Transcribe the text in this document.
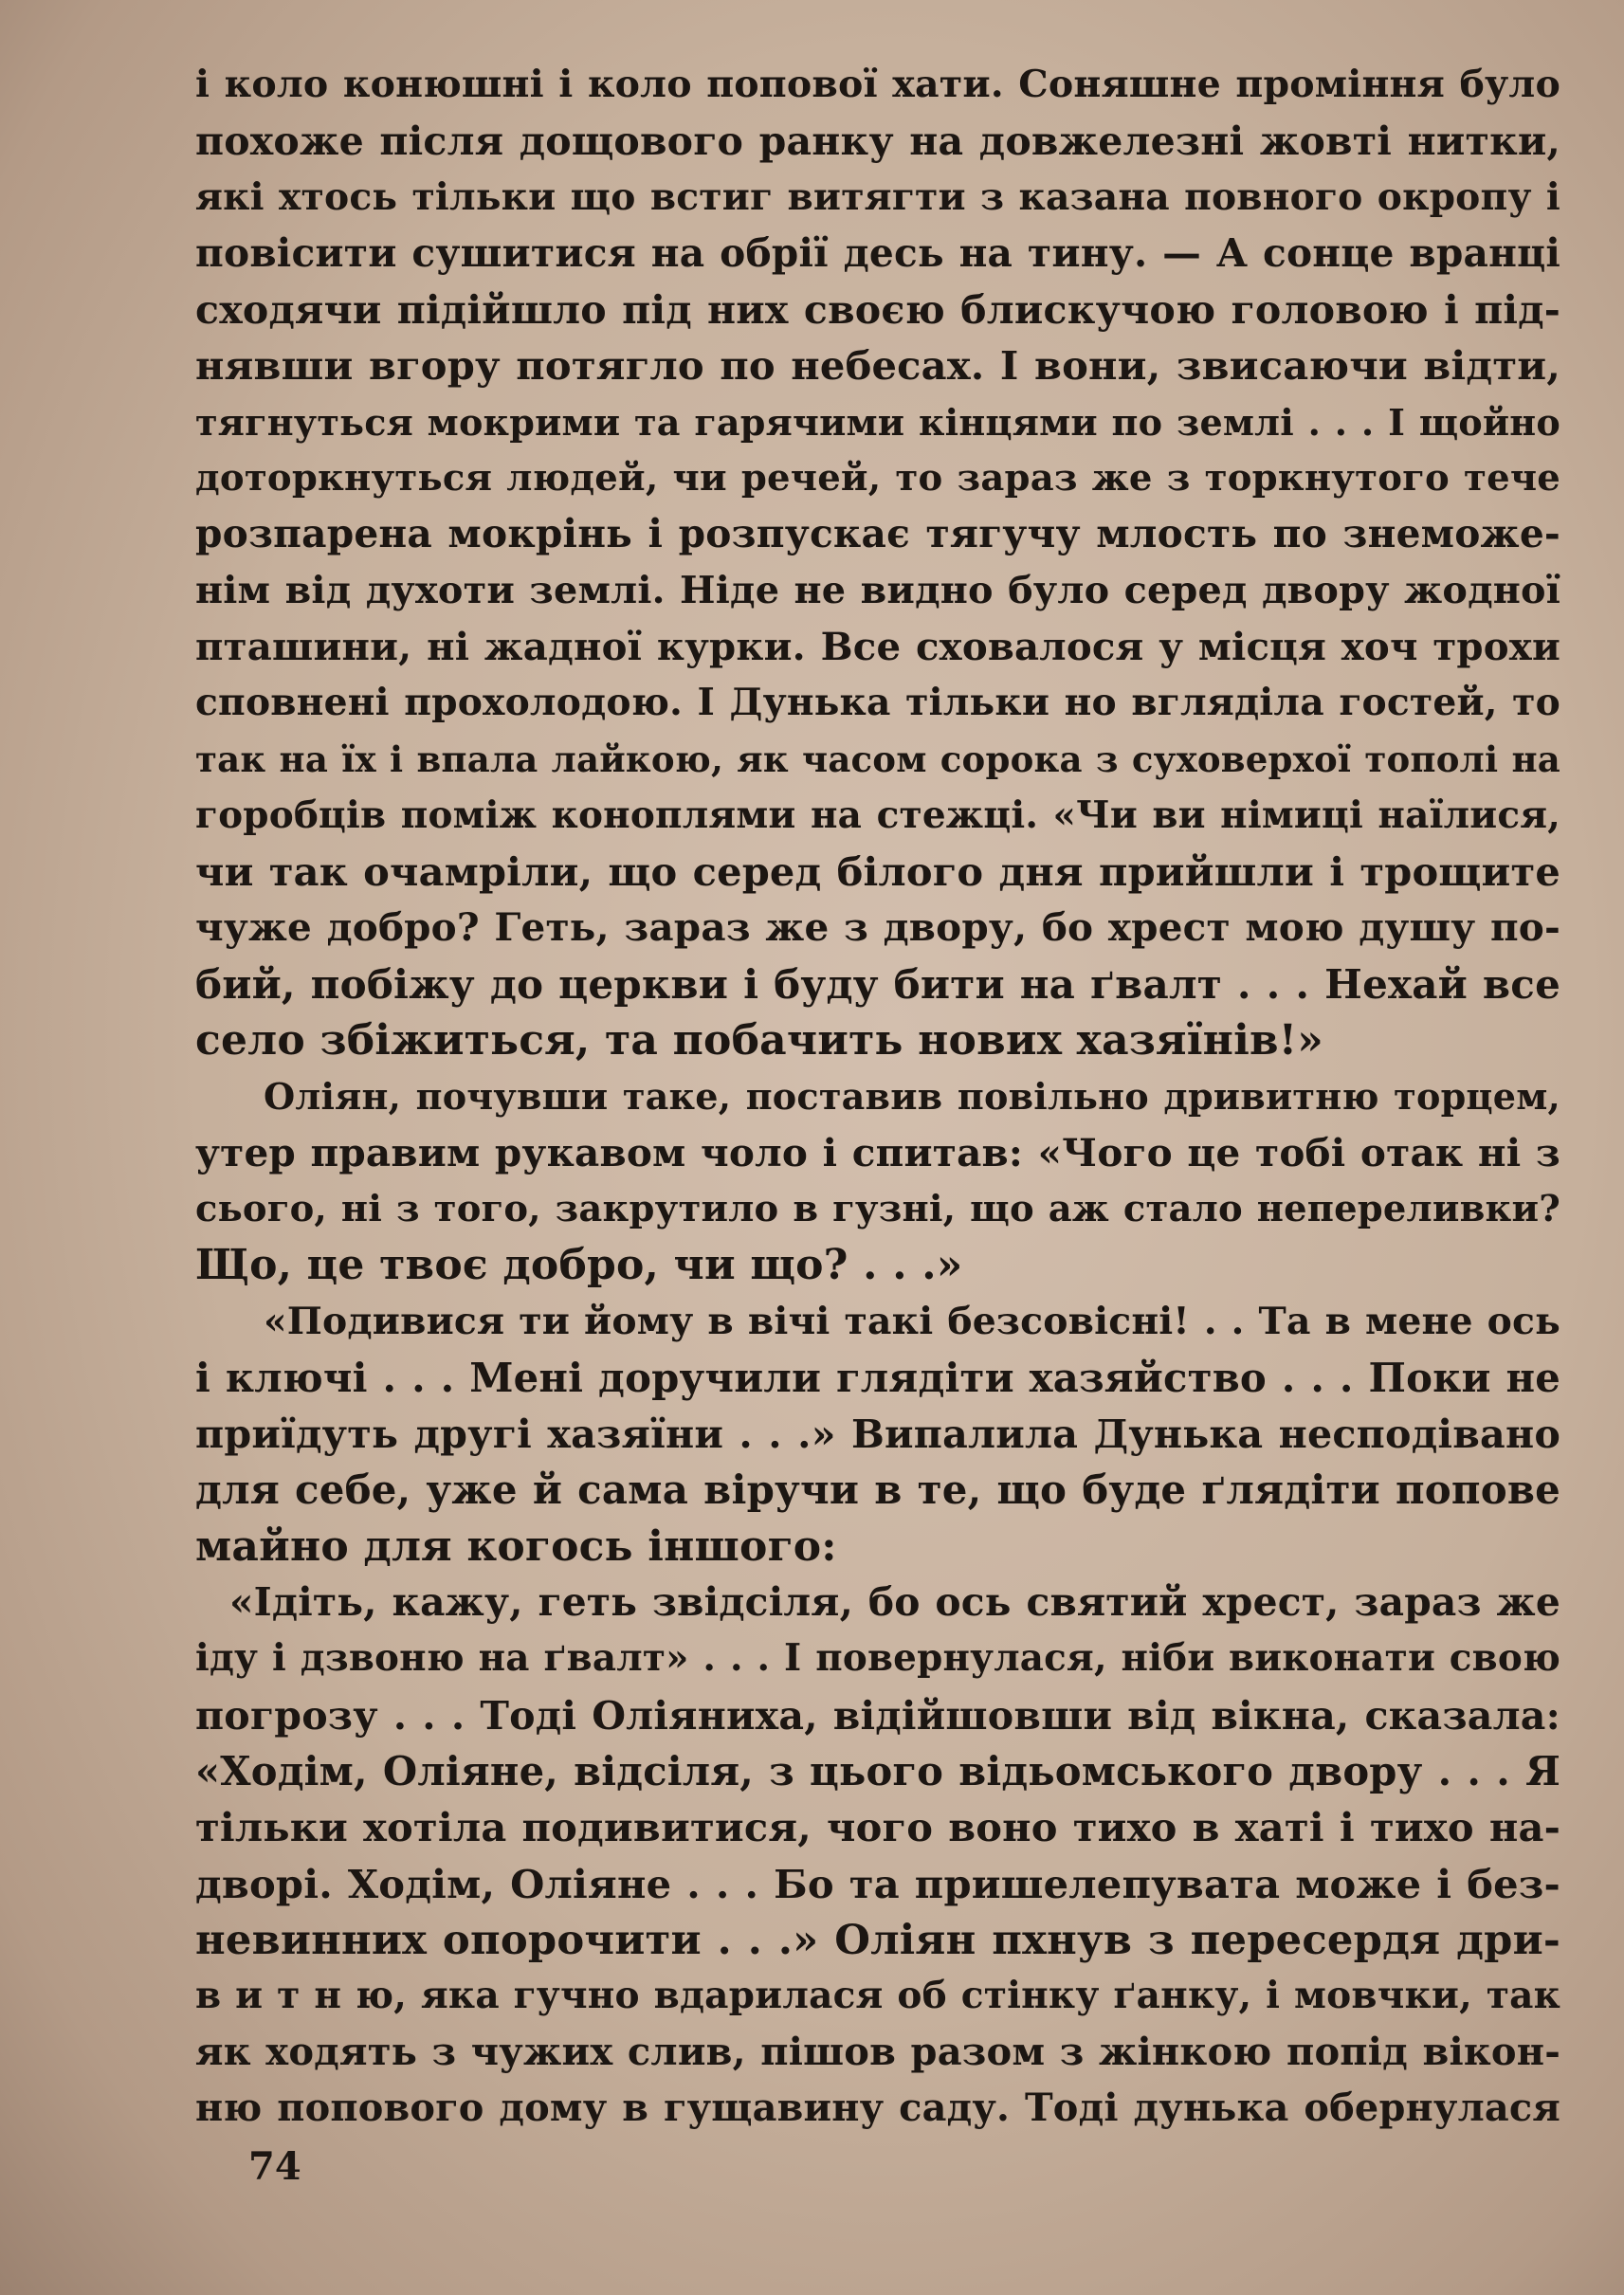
і коло конюшні і коло попової хати. Соняшне проміння було
похоже після дощового ранку на довжелезні жовті нитки,
які хтось тільки що встиг витягти з казана повного окропу і
повісити сушитися на обрії десь на тину. — А сонце вранці
сходячи підійшло під них своєю блискучою головою і під-
нявши вгору потягло по небесах. І вони, звисаючи відти,
тягнуться мокрими та гарячими кінцями по землі . . . І щойно
доторкнуться людей, чи речей, то зараз же з торкнутого тече
розпарена мокрінь і розпускає тягучу млость по знеможе-
нім від духоти землі. Ніде не видно було серед двору жодної
пташини, ні жадної курки. Все сховалося у місця хоч трохи
сповнені прохолодою. І Дунька тільки но вгляділа гостей, то
так на їх і впала лайкою, як часом сорока з суховерхої тополі на
горобців поміж коноплями на стежці. «Чи ви німиці наїлися,
чи так очамріли, що серед білого дня прийшли і трощите
чуже добро? Геть, зараз же з двору, бо хрест мою душу по-
бий, побіжу до церкви і буду бити на ґвалт . . . Нехай все
село збіжиться, та побачить нових хазяїнів!»
Оліян, почувши таке, поставив повільно дривитню торцем,
утер правим рукавом чоло і спитав: «Чого це тобі отак ні з
сього, ні з того, закрутило в гузні, що аж стало непереливки?
Що, це твоє добро, чи що? . . .»
«Подивися ти йому в вічі такі безсовісні! . . Та в мене ось
і ключі . . . Мені доручили глядіти хазяйство . . . Поки не
приїдуть другі хазяїни . . .» Випалила Дунька несподівано
для себе, уже й сама віручи в те, що буде ґлядіти попове
майно для когось іншого:
«Ідіть, кажу, геть звідсіля, бо ось святий хрест, зараз же
іду і дзвоню на ґвалт» . . . І повернулася, ніби виконати свою
погрозу . . . Тоді Оліяниха, відійшовши від вікна, сказала:
«Ходім, Оліяне, відсіля, з цього відьомського двору . . . Я
тільки хотіла подивитися, чого воно тихо в хаті і тихо на-
дворі. Ходім, Оліяне . . . Бо та пришелепувата може і без-
невинних опорочити . . .» Оліян пхнув з пересердя дри-
в и т н ю, яка гучно вдарилася об стінку ґанку, і мовчки, так
як ходять з чужих слив, пішов разом з жінкою попід вікон-
ню попового дому в гущавину саду. Тоді дунька обернулася
74
